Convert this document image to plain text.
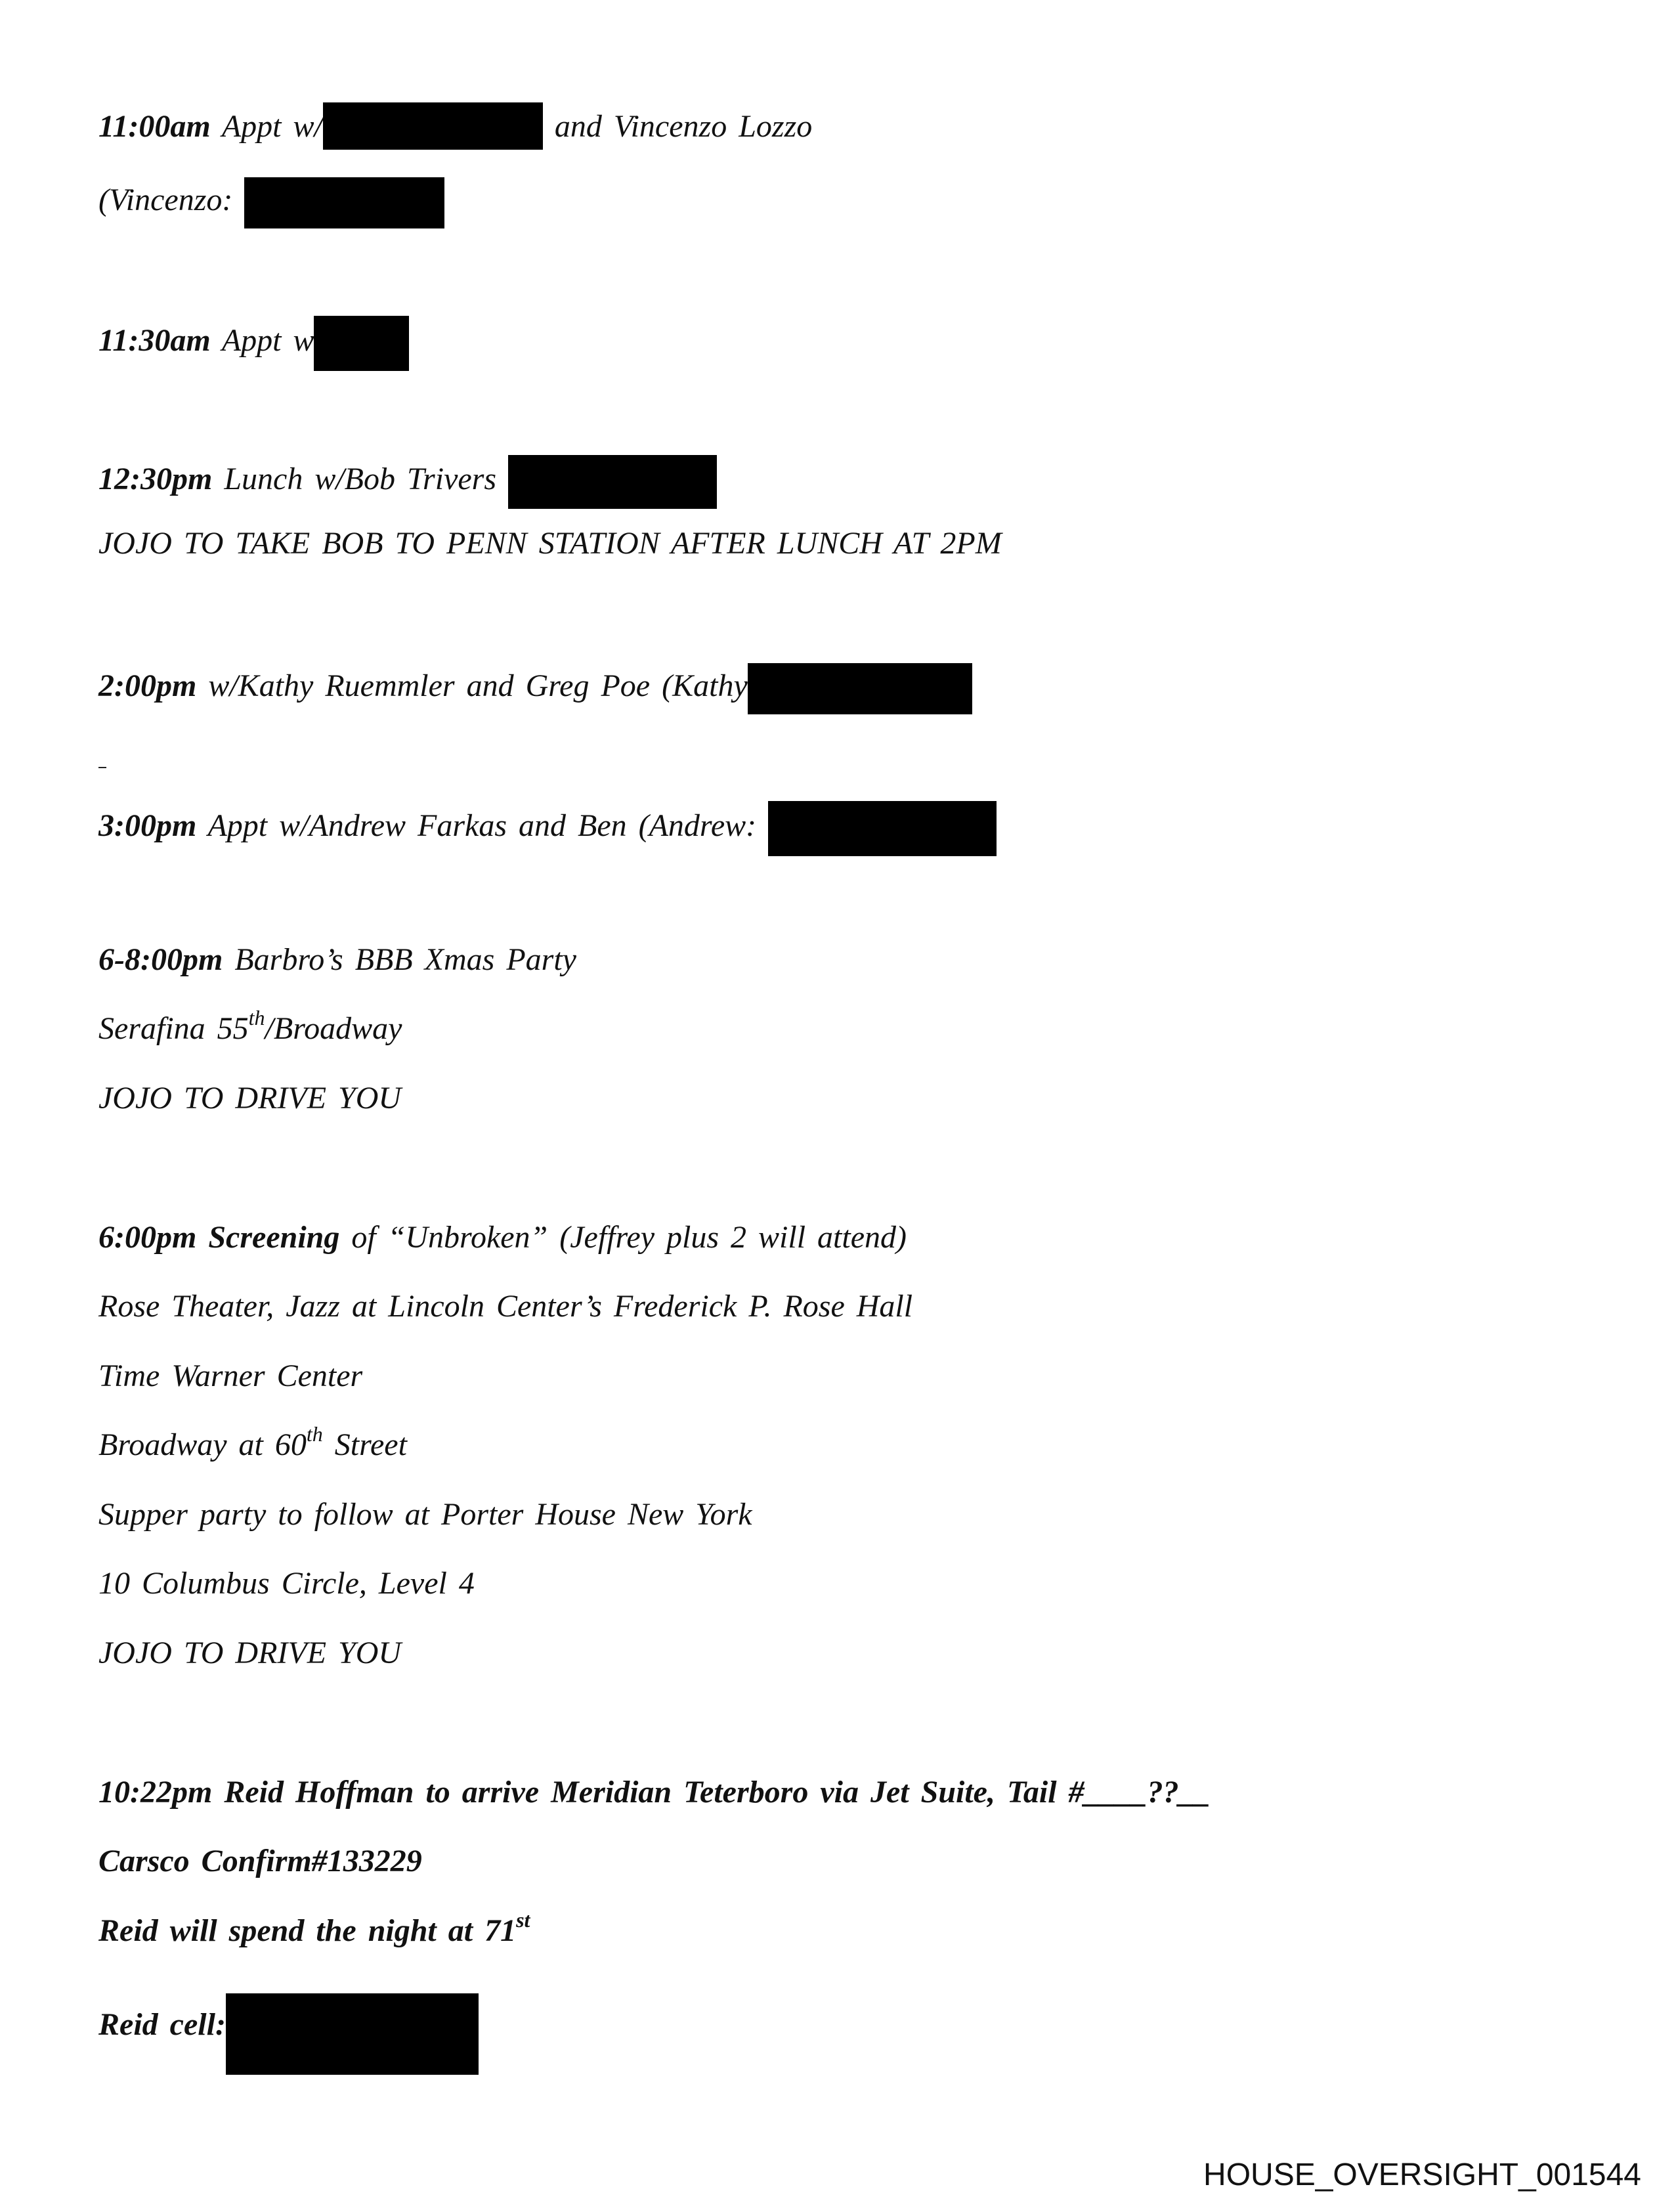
11:00am Appt w/	and Vincenzo Lozzo
(Vincenzo:
11:30am Appt w
12:30pm Lunch w/Bob Trivers
JOJO TO TAKE BOB TO PENN STATION AFTER LUNCH AT 2PM
2:00pm w/Kathy Ruemmler and Greg Poe (Kathy
3:00pm Appt w/Andrew Farkas and Ben (Andrew:
6-8:00pm Barbro’s BBB Xmas Party
Serafina 55th/Broadway
JOJO TO DRIVE YOU
6:00pm Screening of “Unbroken” (Jeffrey plus 2 will attend)
Rose Theater, Jazz at Lincoln Center’s Frederick P. Rose Hall
Time Warner Center
Broadway at 60th Street
Supper party to follow at Porter House New York
10 Columbus Circle, Level 4
JOJO TO DRIVE YOU
10:22pm Reid Hoffman to arrive Meridian Teterboro via Jet Suite, Tail #____??__
Carsco Confirm#133229
Reid will spend the night at 71st
Reid cell:
HOUSE_OVERSIGHT_001544
